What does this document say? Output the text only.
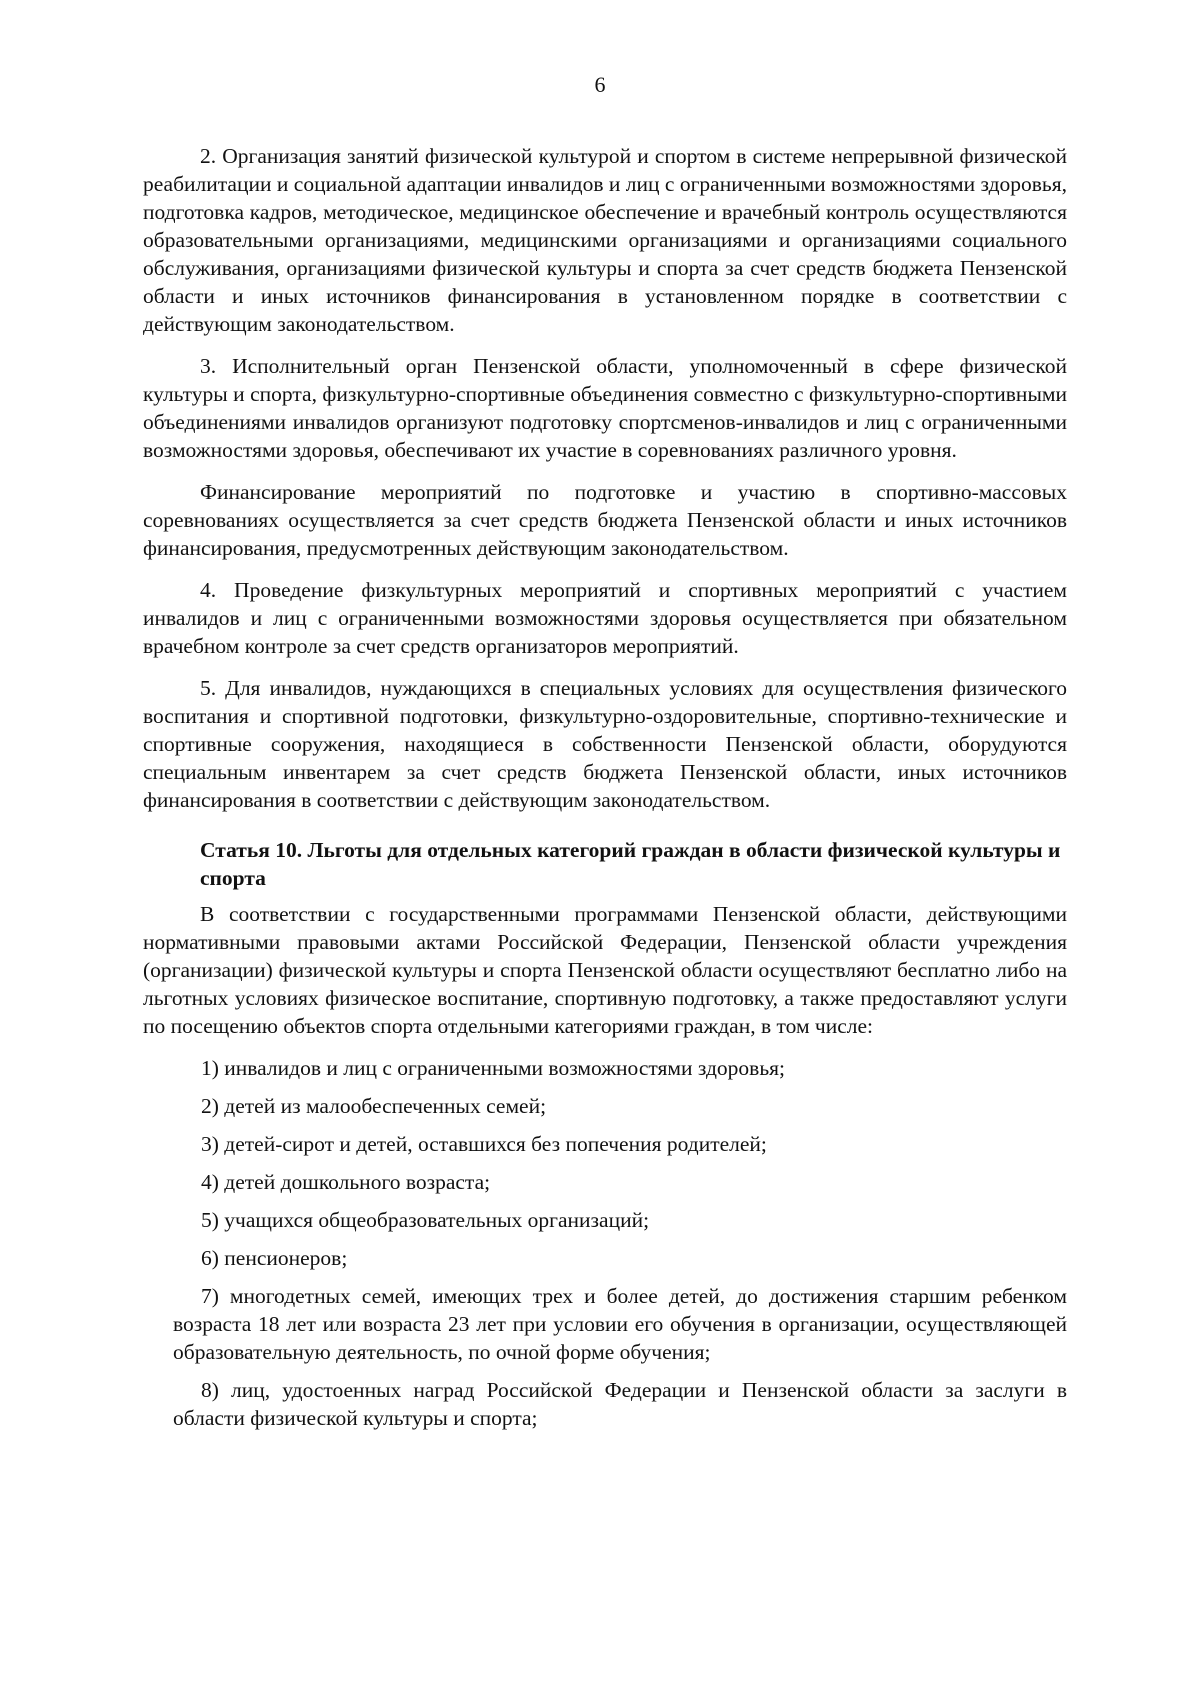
6

2. Организация занятий физической культурой и спортом в системе непрерывной физической реабилитации и социальной адаптации инвалидов и лиц с ограниченными возможностями здоровья, подготовка кадров, методическое, медицинское обеспечение и врачебный контроль осуществляются образовательными организациями, медицинскими организациями и организациями социального обслуживания, организациями физической культуры и спорта за счет средств бюджета Пензенской области и иных источников финансирования в установленном порядке в соответствии с действующим законодательством.

3. Исполнительный орган Пензенской области, уполномоченный в сфере физической культуры и спорта, физкультурно-спортивные объединения совместно с физкультурно-спортивными объединениями инвалидов организуют подготовку спортсменов-инвалидов и лиц с ограниченными возможностями здоровья, обеспечивают их участие в соревнованиях различного уровня.

Финансирование мероприятий по подготовке и участию в спортивно-массовых соревнованиях осуществляется за счет средств бюджета Пензенской области и иных источников финансирования, предусмотренных действующим законодательством.

4. Проведение физкультурных мероприятий и спортивных мероприятий с участием инвалидов и лиц с ограниченными возможностями здоровья осуществляется при обязательном врачебном контроле за счет средств организаторов мероприятий.

5. Для инвалидов, нуждающихся в специальных условиях для осуществления физического воспитания и спортивной подготовки, физкультурно-оздоровительные, спортивно-технические и спортивные сооружения, находящиеся в собственности Пензенской области, оборудуются специальным инвентарем за счет средств бюджета Пензенской области, иных источников финансирования в соответствии с действующим законодательством.

Статья 10. Льготы для отдельных категорий граждан в области физической культуры и спорта

В соответствии с государственными программами Пензенской области, действующими нормативными правовыми актами Российской Федерации, Пензенской области учреждения (организации) физической культуры и спорта Пензенской области осуществляют бесплатно либо на льготных условиях физическое воспитание, спортивную подготовку, а также предоставляют услуги по посещению объектов спорта отдельными категориями граждан, в том числе:

1) инвалидов и лиц с ограниченными возможностями здоровья;

2) детей из малообеспеченных семей;

3) детей-сирот и детей, оставшихся без попечения родителей;

4) детей дошкольного возраста;

5) учащихся общеобразовательных организаций;

6) пенсионеров;

7) многодетных семей, имеющих трех и более детей, до достижения старшим ребенком возраста 18 лет или возраста 23 лет при условии его обучения в организации, осуществляющей образовательную деятельность, по очной форме обучения;

8) лиц, удостоенных наград Российской Федерации и Пензенской области за заслуги в области физической культуры и спорта;
